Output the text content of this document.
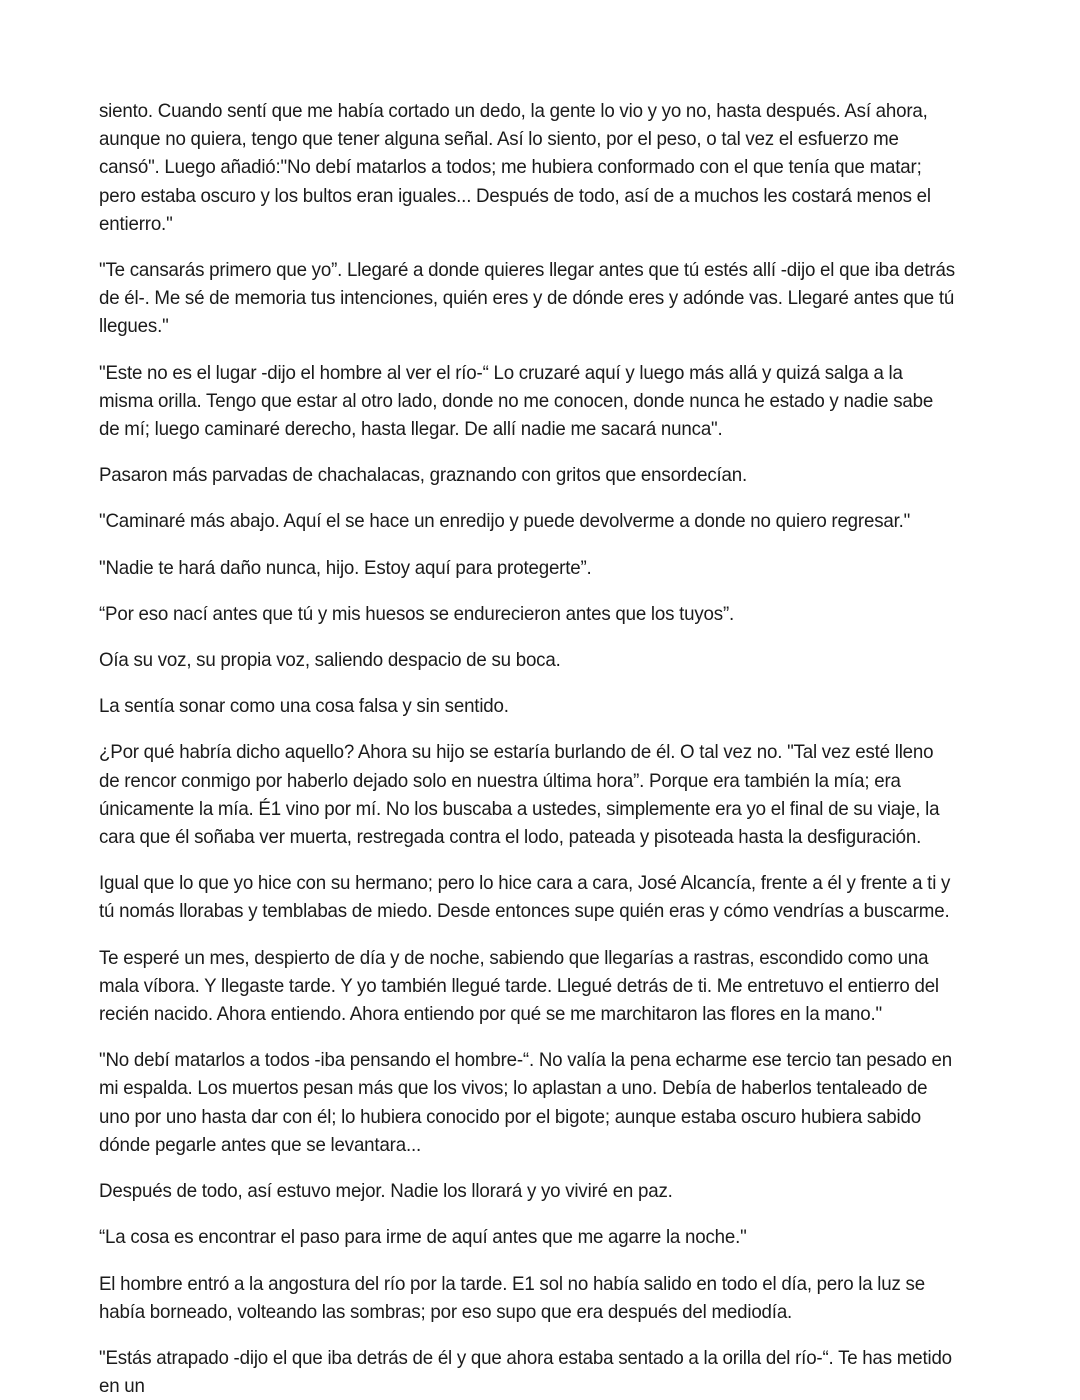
siento. Cuando sentí que me había cortado un dedo, la gente lo vio y yo no, hasta después. Así ahora, aunque no quiera, tengo que tener alguna señal. Así lo siento, por el peso, o tal vez el esfuerzo me cansó". Luego añadió:"No debí matarlos a todos; me hubiera conformado con el que tenía que matar; pero estaba oscuro y los bultos eran iguales... Después de todo, así de a muchos les costará menos el entierro."

"Te cansarás primero que yo”. Llegaré a donde quieres llegar antes que tú estés allí -dijo el que iba detrás de él-. Me sé de memoria tus intenciones, quién eres y de dónde eres y adónde vas. Llegaré antes que tú llegues."

"Este no es el lugar -dijo el hombre al ver el río-“ Lo cruzaré aquí y luego más allá y quizá salga a la misma orilla. Tengo que estar al otro lado, donde no me conocen, donde nunca he estado y nadie sabe de mí; luego caminaré derecho, hasta llegar. De allí nadie me sacará nunca".

Pasaron más parvadas de chachalacas, graznando con gritos que ensordecían.

"Caminaré más abajo. Aquí el se hace un enredijo y puede devolverme a donde no quiero regresar."

"Nadie te hará daño nunca, hijo. Estoy aquí para protegerte”.

“Por eso nací antes que tú y mis huesos se endurecieron antes que los tuyos”.

Oía su voz, su propia voz, saliendo despacio de su boca.

La sentía sonar como una cosa falsa y sin sentido.

¿Por qué habría dicho aquello? Ahora su hijo se estaría burlando de él. O tal vez no. "Tal vez esté lleno de rencor conmigo por haberlo dejado solo en nuestra última hora”. Porque era también la mía; era únicamente la mía. É1 vino por mí. No los buscaba a ustedes, simplemente era yo el final de su viaje, la cara que él soñaba ver muerta, restregada contra el lodo, pateada y pisoteada hasta la desfiguración.

Igual que lo que yo hice con su hermano; pero lo hice cara a cara, José Alcancía, frente a él y frente a ti y tú nomás llorabas y temblabas de miedo. Desde entonces supe quién eras y cómo vendrías a buscarme.

Te esperé un mes, despierto de día y de noche, sabiendo que llegarías a rastras, escondido como una mala víbora. Y llegaste tarde. Y yo también llegué tarde. Llegué detrás de ti. Me entretuvo el entierro del recién nacido. Ahora entiendo. Ahora entiendo por qué se me marchitaron las flores en la mano."

"No debí matarlos a todos -iba pensando el hombre-“. No valía la pena echarme ese tercio tan pesado en mi espalda. Los muertos pesan más que los vivos; lo aplastan a uno. Debía de haberlos tentaleado de uno por uno hasta dar con él; lo hubiera conocido por el bigote; aunque estaba oscuro hubiera sabido dónde pegarle antes que se levantara...

Después de todo, así estuvo mejor. Nadie los llorará y yo viviré en paz.

“La cosa es encontrar el paso para irme de aquí antes que me agarre la noche."

El hombre entró a la angostura del río por la tarde. E1 sol no había salido en todo el día, pero la luz se había borneado, volteando las sombras; por eso supo que era después del mediodía.

"Estás atrapado -dijo el que iba detrás de él y que ahora estaba sentado a la orilla del río-“. Te has metido en un
